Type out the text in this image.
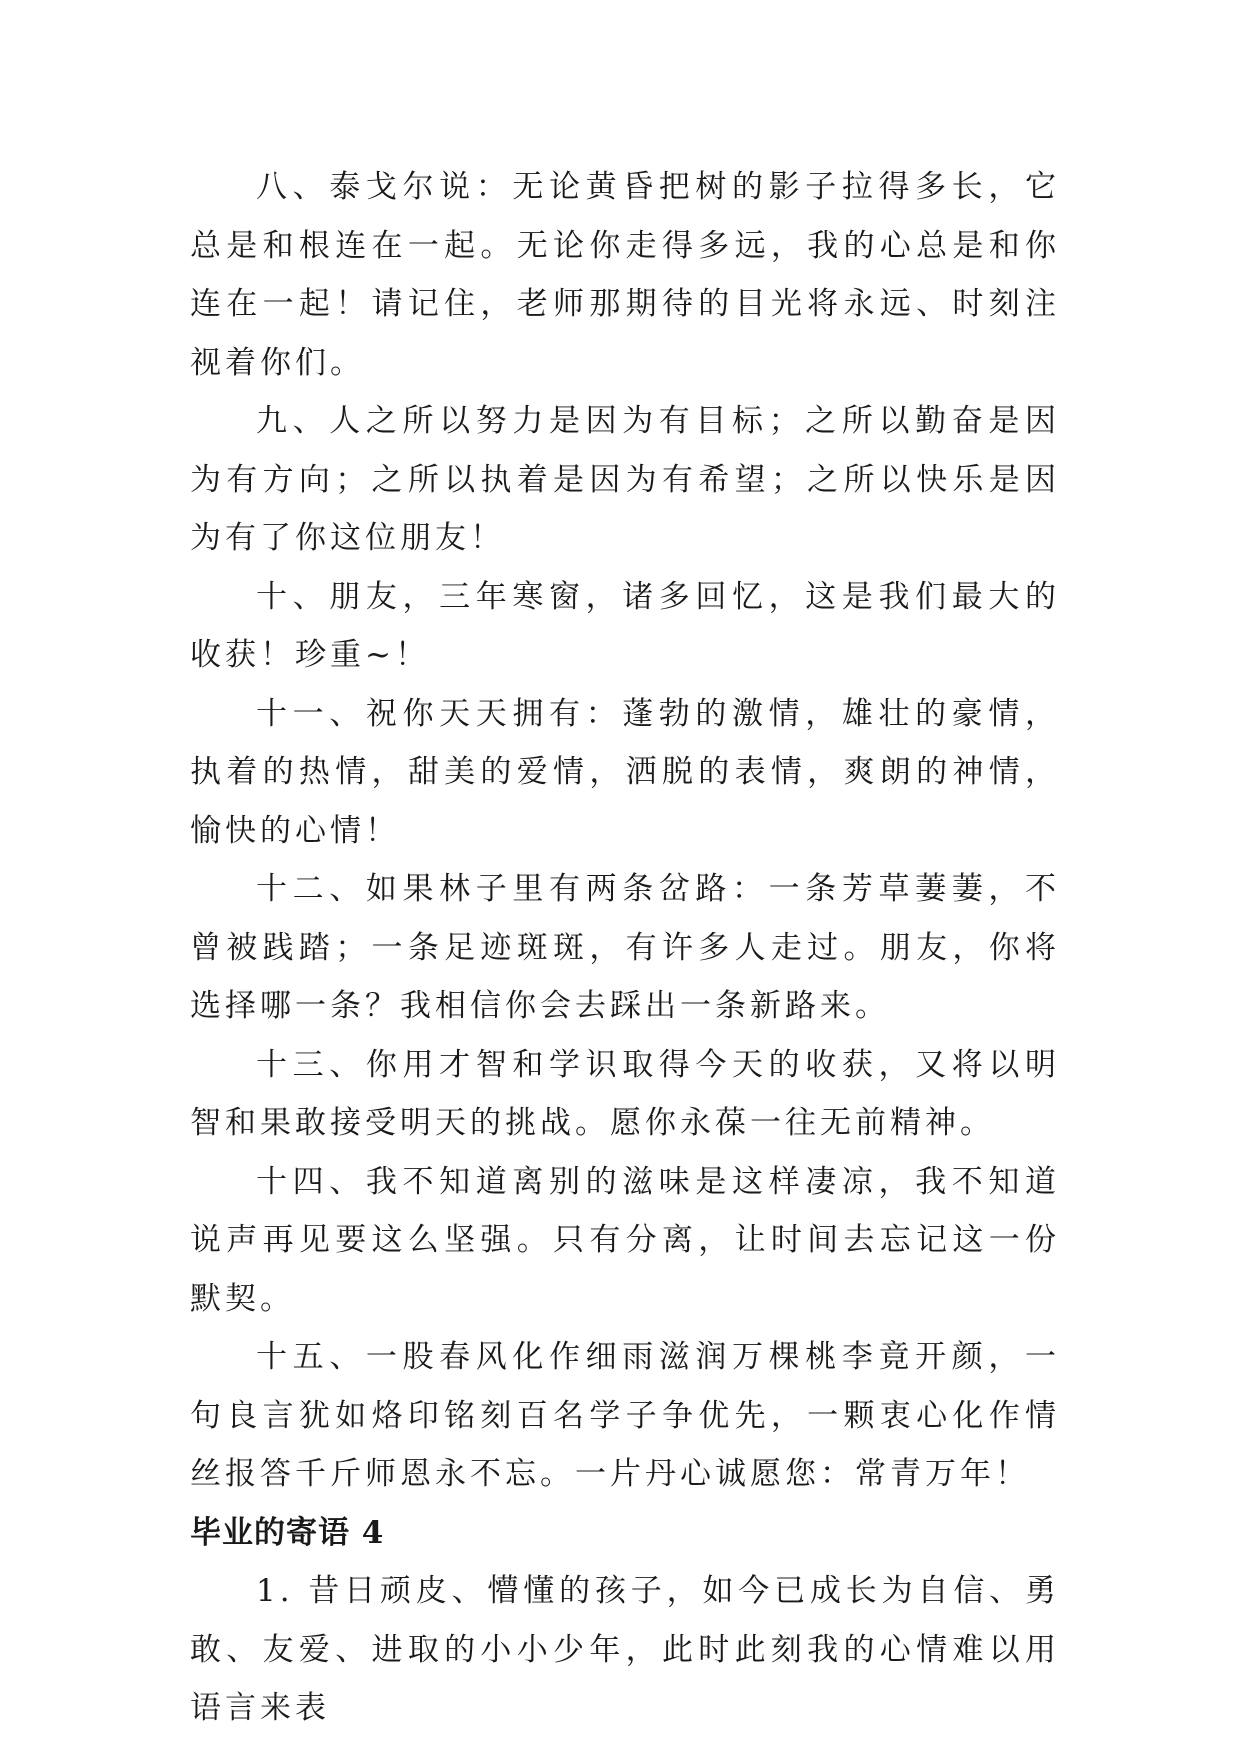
八、泰戈尔说：无论黄昏把树的影子拉得多长，它总是和根连在一起。无论你走得多远，我的心总是和你连在一起！请记住，老师那期待的目光将永远、时刻注视着你们。

九、人之所以努力是因为有目标；之所以勤奋是因为有方向；之所以执着是因为有希望；之所以快乐是因为有了你这位朋友！

十、朋友，三年寒窗，诸多回忆，这是我们最大的收获！珍重~！

十一、祝你天天拥有：蓬勃的激情，雄壮的豪情，执着的热情，甜美的爱情，洒脱的表情，爽朗的神情，愉快的心情！

十二、如果林子里有两条岔路：一条芳草萋萋，不曾被践踏；一条足迹斑斑，有许多人走过。朋友，你将选择哪一条？我相信你会去踩出一条新路来。

十三、你用才智和学识取得今天的收获，又将以明智和果敢接受明天的挑战。愿你永葆一往无前精神。

十四、我不知道离别的滋味是这样凄凉，我不知道说声再见要这么坚强。只有分离，让时间去忘记这一份默契。

十五、一股春风化作细雨滋润万棵桃李竟开颜，一句良言犹如烙印铭刻百名学子争优先，一颗衷心化作情丝报答千斤师恩永不忘。一片丹心诚愿您：常青万年！

毕业的寄语 4

1. 昔日顽皮、懵懂的孩子，如今已成长为自信、勇敢、友爱、进取的小小少年，此时此刻我的心情难以用语言来表
